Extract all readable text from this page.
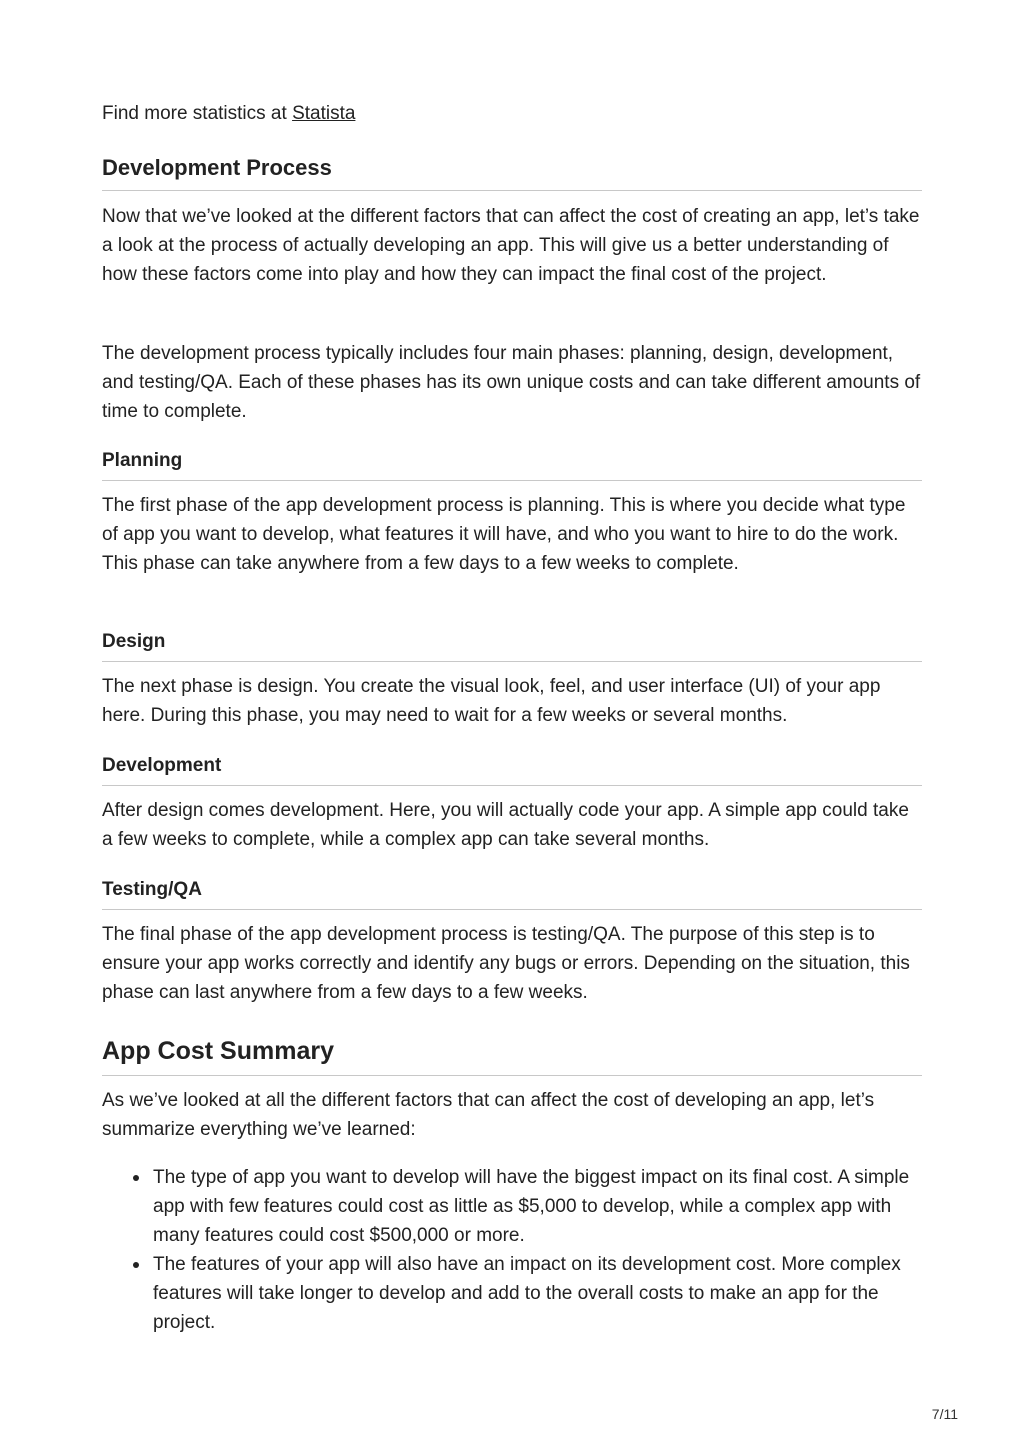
Find more statistics at Statista

Development Process

Now that we’ve looked at the different factors that can affect the cost of creating an app, let’s take a look at the process of actually developing an app. This will give us a better understanding of how these factors come into play and how they can impact the final cost of the project.

The development process typically includes four main phases: planning, design, development, and testing/QA. Each of these phases has its own unique costs and can take different amounts of time to complete.

Planning

The first phase of the app development process is planning. This is where you decide what type of app you want to develop, what features it will have, and who you want to hire to do the work. This phase can take anywhere from a few days to a few weeks to complete.

Design

The next phase is design. You create the visual look, feel, and user interface (UI) of your app here. During this phase, you may need to wait for a few weeks or several months.

Development

After design comes development. Here, you will actually code your app. A simple app could take a few weeks to complete, while a complex app can take several months.

Testing/QA

The final phase of the app development process is testing/QA. The purpose of this step is to ensure your app works correctly and identify any bugs or errors. Depending on the situation, this phase can last anywhere from a few days to a few weeks.

App Cost Summary

As we’ve looked at all the different factors that can affect the cost of developing an app, let’s summarize everything we’ve learned:

The type of app you want to develop will have the biggest impact on its final cost. A simple app with few features could cost as little as $5,000 to develop, while a complex app with many features could cost $500,000 or more.
The features of your app will also have an impact on its development cost. More complex features will take longer to develop and add to the overall costs to make an app for the project.
7/11
